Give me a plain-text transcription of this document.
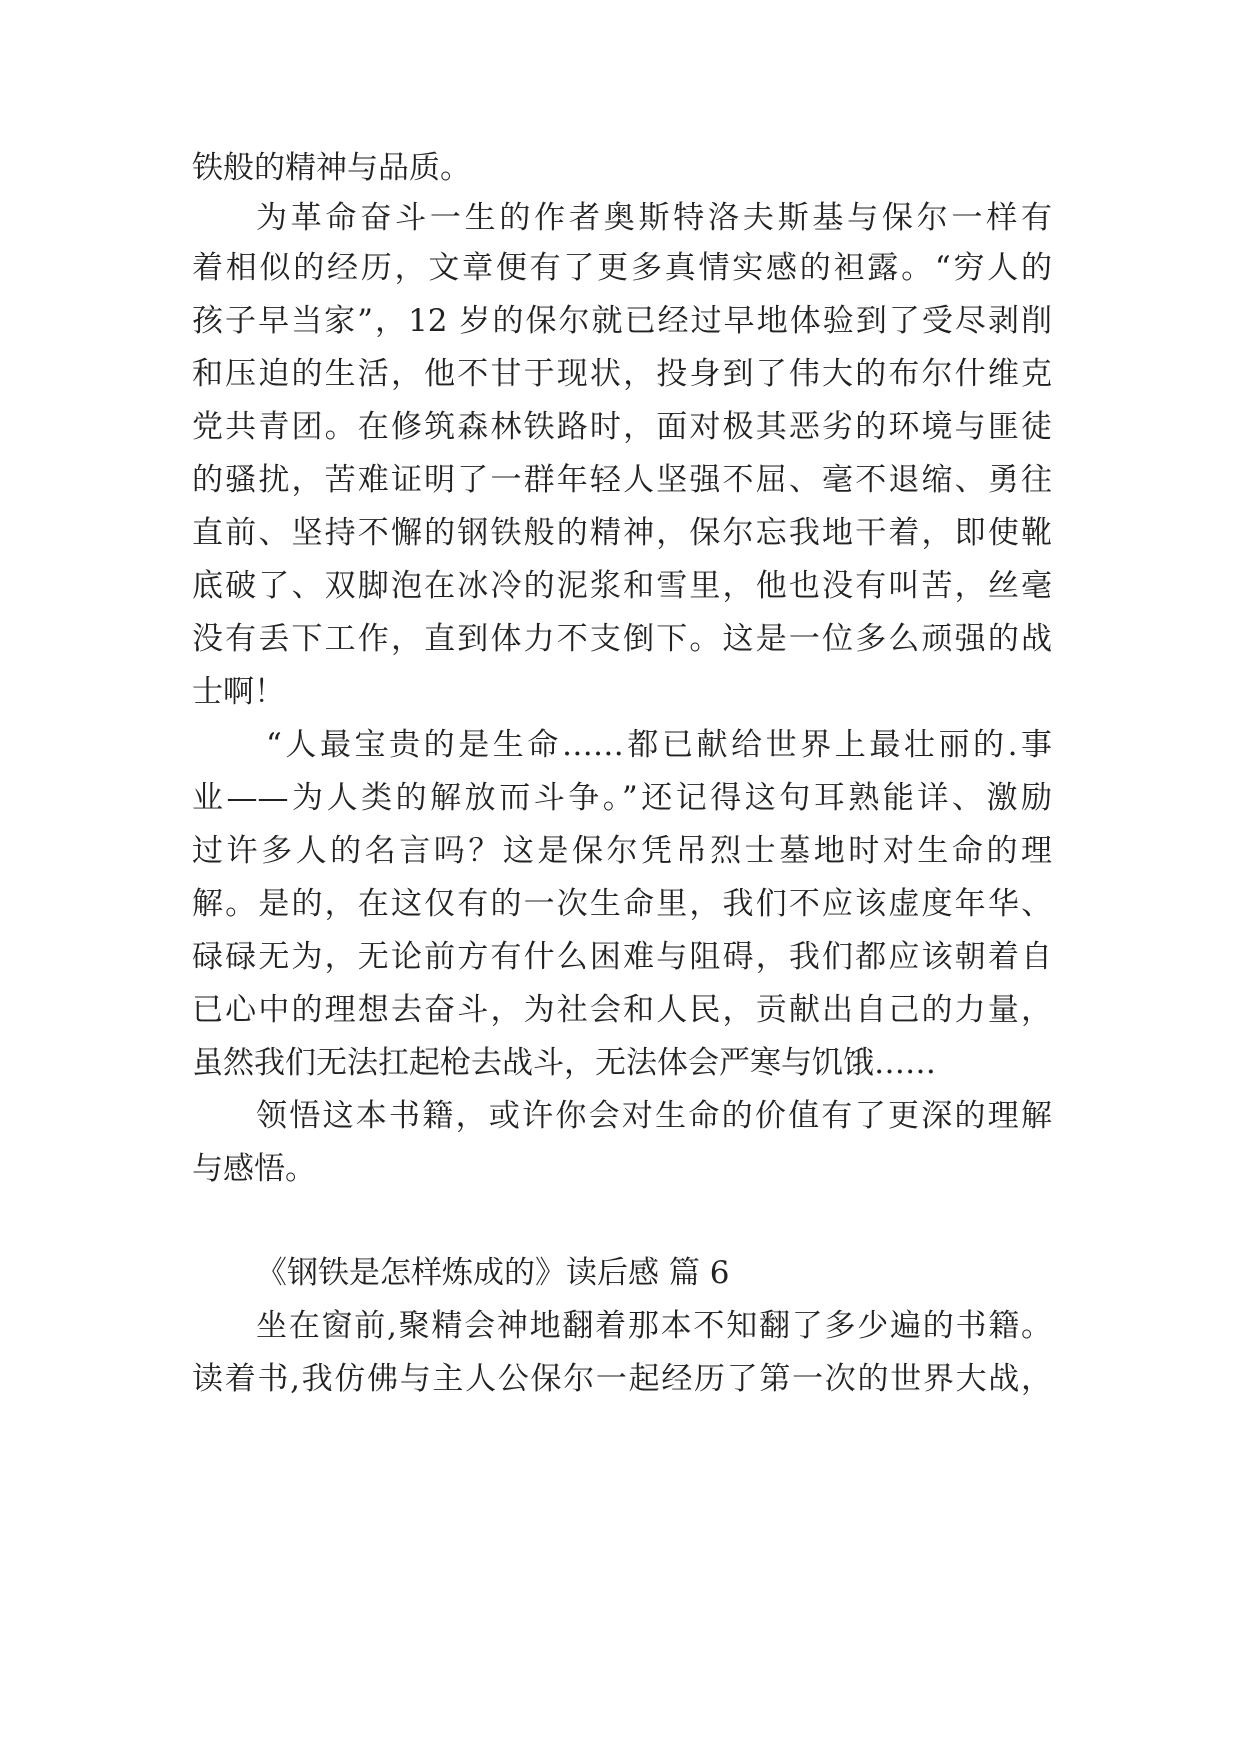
铁般的精神与品质。
为革命奋斗一生的作者奥斯特洛夫斯基与保尔一样有
着相似的经历，文章便有了更多真情实感的袒露。“穷人的
孩子早当家”，12 岁的保尔就已经过早地体验到了受尽剥削
和压迫的生活，他不甘于现状，投身到了伟大的布尔什维克
党共青团。在修筑森林铁路时，面对极其恶劣的环境与匪徒
的骚扰，苦难证明了一群年轻人坚强不屈、毫不退缩、勇往
直前、坚持不懈的钢铁般的精神，保尔忘我地干着，即使靴
底破了、双脚泡在冰冷的泥浆和雪里，他也没有叫苦，丝毫
没有丢下工作，直到体力不支倒下。这是一位多么顽强的战
士啊！
“人最宝贵的是生命……都已献给世界上最壮丽的.事
业——为人类的解放而斗争。”还记得这句耳熟能详、激励
过许多人的名言吗？这是保尔凭吊烈士墓地时对生命的理
解。是的，在这仅有的一次生命里，我们不应该虚度年华、
碌碌无为，无论前方有什么困难与阻碍，我们都应该朝着自
已心中的理想去奋斗，为社会和人民，贡献出自己的力量，
虽然我们无法扛起枪去战斗，无法体会严寒与饥饿……
领悟这本书籍，或许你会对生命的价值有了更深的理解
与感悟。
《钢铁是怎样炼成的》读后感 篇 6
坐在窗前,聚精会神地翻着那本不知翻了多少遍的书籍。
读着书,我仿佛与主人公保尔一起经历了第一次的世界大战，
